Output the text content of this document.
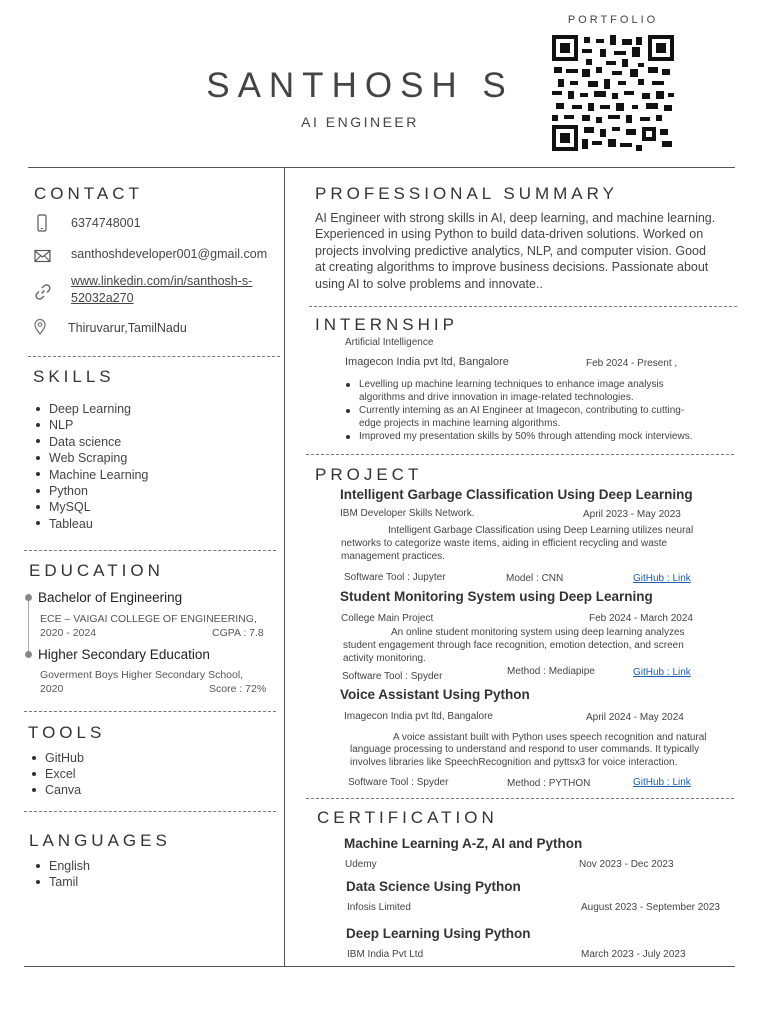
PORTFOLIO
SANTHOSH S
AI ENGINEER
CONTACT
6374748001
santhoshdeveloper001@gmail.com
www.linkedin.com/in/santhosh-s-
52032a270
Thiruvarur,TamilNadu
SKILLS
Deep Learning
NLP
Data science
Web Scraping
Machine Learning
Python
MySQL
Tableau
EDUCATION
Bachelor of Engineering
ECE – VAIGAI COLLEGE OF ENGINEERING,
2020 - 2024	CGPA : 7.8
Higher Secondary Education
Goverment Boys Higher Secondary School,
2020	Score : 72%
TOOLS
GitHub
Excel
Canva
LANGUAGES
English
Tamil
PROFESSIONAL SUMMARY
AI Engineer with strong skills in AI, deep learning, and machine learning.
Experienced in using Python to build data-driven solutions. Worked on
projects involving predictive analytics, NLP, and computer vision. Good
at creating algorithms to improve business decisions. Passionate about
using AI to solve problems and innovate..
INTERNSHIP
Artificial Intelligence
Imagecon India pvt ltd, Bangalore	Feb 2024 - Present ,
Levelling up machine learning techniques to enhance image analysis
algorithms and drive innovation in image-related technologies.
Currently interning as an AI Engineer at Imagecon, contributing to cutting-
edge projects in machine learning algorithms.
Improved my presentation skills by 50% through attending mock interviews.
PROJECT
Intelligent Garbage Classification Using Deep Learning
IBM Developer Skills Network.	April 2023 - May 2023
Intelligent Garbage Classification using Deep Learning utilizes neural
networks to categorize waste items, aiding in efficient recycling and waste
management practices.
Software Tool : Jupyter	Model : CNN	GitHub : Link
Student Monitoring System using Deep Learning
College Main Project	Feb 2024 - March 2024
An online student monitoring system using deep learning analyzes
student engagement through face recognition, emotion detection, and screen
activity monitoring.
Software Tool : Spyder	Method : Mediapipe	GitHub : Link
Voice Assistant Using Python
Imagecon India pvt ltd, Bangalore	April 2024 - May 2024
A voice assistant built with Python uses speech recognition and natural
language processing to understand and respond to user commands. It typically
involves libraries like SpeechRecognition and pyttsx3 for voice interaction.
Software Tool : Spyder	Method : PYTHON	GitHub : Link
CERTIFICATION
Machine Learning A-Z, AI and Python
Udemy	Nov 2023 - Dec 2023
Data Science Using Python
Infosis Limited	August 2023 - September 2023
Deep Learning Using Python
IBM India Pvt Ltd	March 2023 - July 2023
